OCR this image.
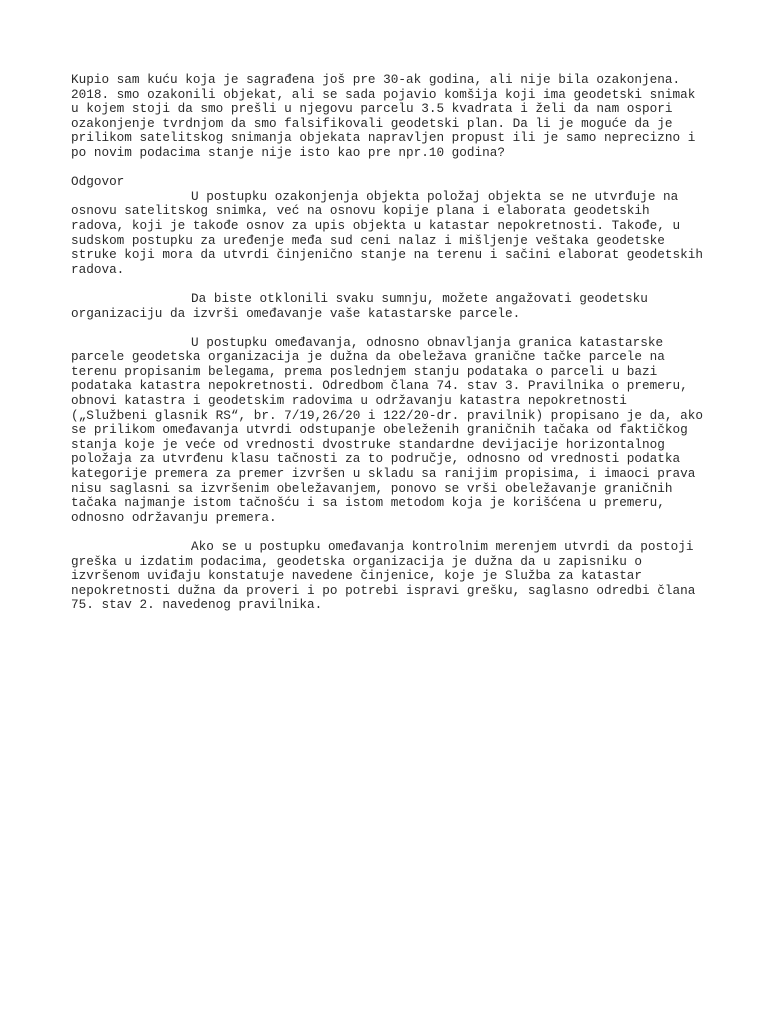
Kupio sam kuću koja je sagrađena još pre 30-ak godina, ali nije bila ozakonjena.
2018. smo ozakonili objekat, ali se sada pojavio komšija koji ima geodetski snimak
u kojem stoji da smo prešli u njegovu parcelu 3.5 kvadrata i želi da nam ospori
ozakonjenje tvrdnjom da smo falsifikovali geodetski plan. Da li je moguće da je
prilikom satelitskog snimanja objekata napravljen propust ili je samo neprecizno i
po novim podacima stanje nije isto kao pre npr.10 godina?
Odgovor
U postupku ozakonjenja objekta položaj objekta se ne utvrđuje na
osnovu satelitskog snimka, već na osnovu kopije plana i elaborata geodetskih
radova, koji je takođe osnov za upis objekta u katastar nepokretnosti. Takođe, u
sudskom postupku za uređenje međa sud ceni nalaz i mišljenje veštaka geodetske
struke koji mora da utvrdi činjenično stanje na terenu i sačini elaborat geodetskih
radova.
Da biste otklonili svaku sumnju, možete angažovati geodetsku
organizaciju da izvrši omeđavanje vaše katastarske parcele.
U postupku omeđavanja, odnosno obnavljanja granica katastarske
parcele geodetska organizacija je dužna da obeležava granične tačke parcele na
terenu propisanim belegama, prema poslednjem stanju podataka o parceli u bazi
podataka katastra nepokretnosti. Odredbom člana 74. stav 3. Pravilnika o premeru,
obnovi katastra i geodetskim radovima u održavanju katastra nepokretnosti
(„Službeni glasnik RS“, br. 7/19,26/20 i 122/20-dr. pravilnik) propisano je da, ako
se prilikom omeđavanja utvrdi odstupanje obeleženih graničnih tačaka od faktičkog
stanja koje je veće od vrednosti dvostruke standardne devijacije horizontalnog
položaja za utvrđenu klasu tačnosti za to područje, odnosno od vrednosti podatka
kategorije premera za premer izvršen u skladu sa ranijim propisima, i imaoci prava
nisu saglasni sa izvršenim obeležavanjem, ponovo se vrši obeležavanje graničnih
tačaka najmanje istom tačnošću i sa istom metodom koja je korišćena u premeru,
odnosno održavanju premera.
Ako se u postupku omeđavanja kontrolnim merenjem utvrdi da postoji
greška u izdatim podacima, geodetska organizacija je dužna da u zapisniku o
izvršenom uviđaju konstatuje navedene činjenice, koje je Služba za katastar
nepokretnosti dužna da proveri i po potrebi ispravi grešku, saglasno odredbi člana
75. stav 2. navedenog pravilnika.
